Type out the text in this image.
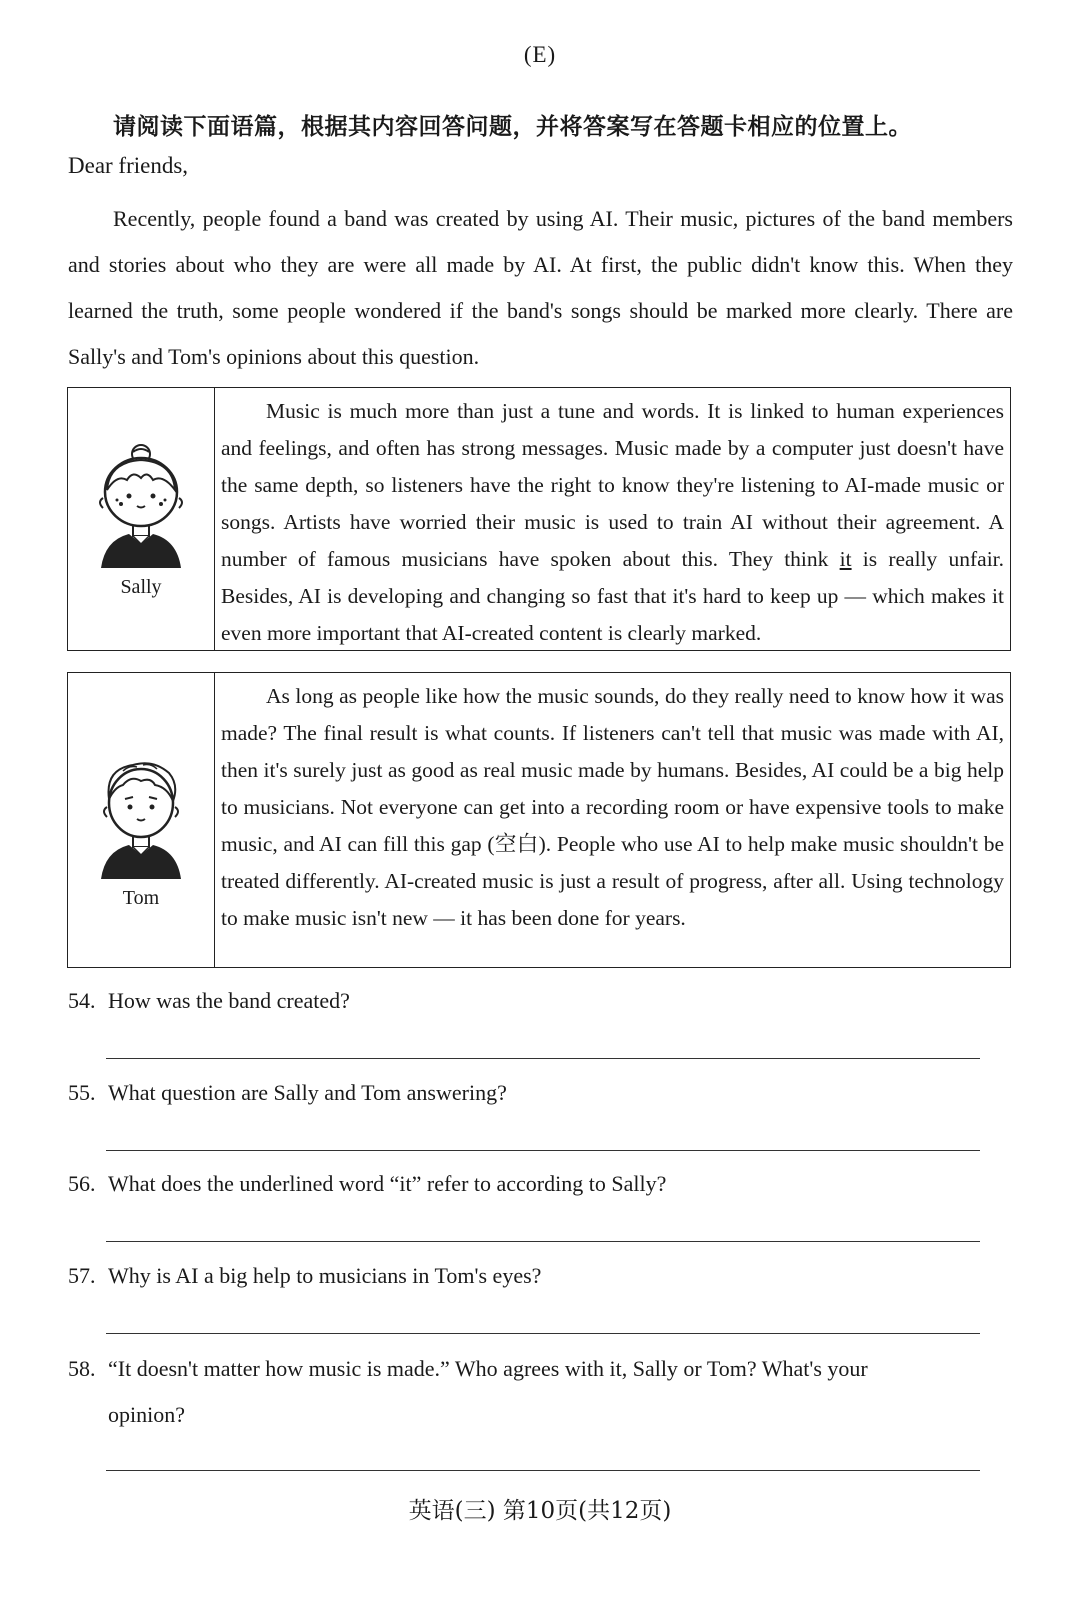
(E)
请阅读下面语篇，根据其内容回答问题，并将答案写在答题卡相应的位置上。
Dear friends,
Recently, people found a band was created by using AI. Their music, pictures of the band members and stories about who they are were all made by AI. At first, the public didn't know this. When they learned the truth, some people wondered if the band's songs should be marked more clearly. There are Sally's and Tom's opinions about this question.
Sally
Music is much more than just a tune and words. It is linked to human experiences and feelings, and often has strong messages. Music made by a computer just doesn't have the same depth, so listeners have the right to know they're listening to AI-made music or songs. Artists have worried their music is used to train AI without their agreement. A number of famous musicians have spoken about this. They think it is really unfair. Besides, AI is developing and changing so fast that it's hard to keep up — which makes it even more important that AI-created content is clearly marked.
Tom
As long as people like how the music sounds, do they really need to know how it was made? The final result is what counts. If listeners can't tell that music was made with AI, then it's surely just as good as real music made by humans. Besides, AI could be a big help to musicians. Not everyone can get into a recording room or have expensive tools to make music, and AI can fill this gap (空白). People who use AI to help make music shouldn't be treated differently. AI-created music is just a result of progress, after all. Using technology to make music isn't new — it has been done for years.
54. How was the band created?
55. What question are Sally and Tom answering?
56. What does the underlined word “it” refer to according to Sally?
57. Why is AI a big help to musicians in Tom's eyes?
58. “It doesn't matter how music is made.” Who agrees with it, Sally or Tom? What's your
opinion?
英语(三) 第10页(共12页)
